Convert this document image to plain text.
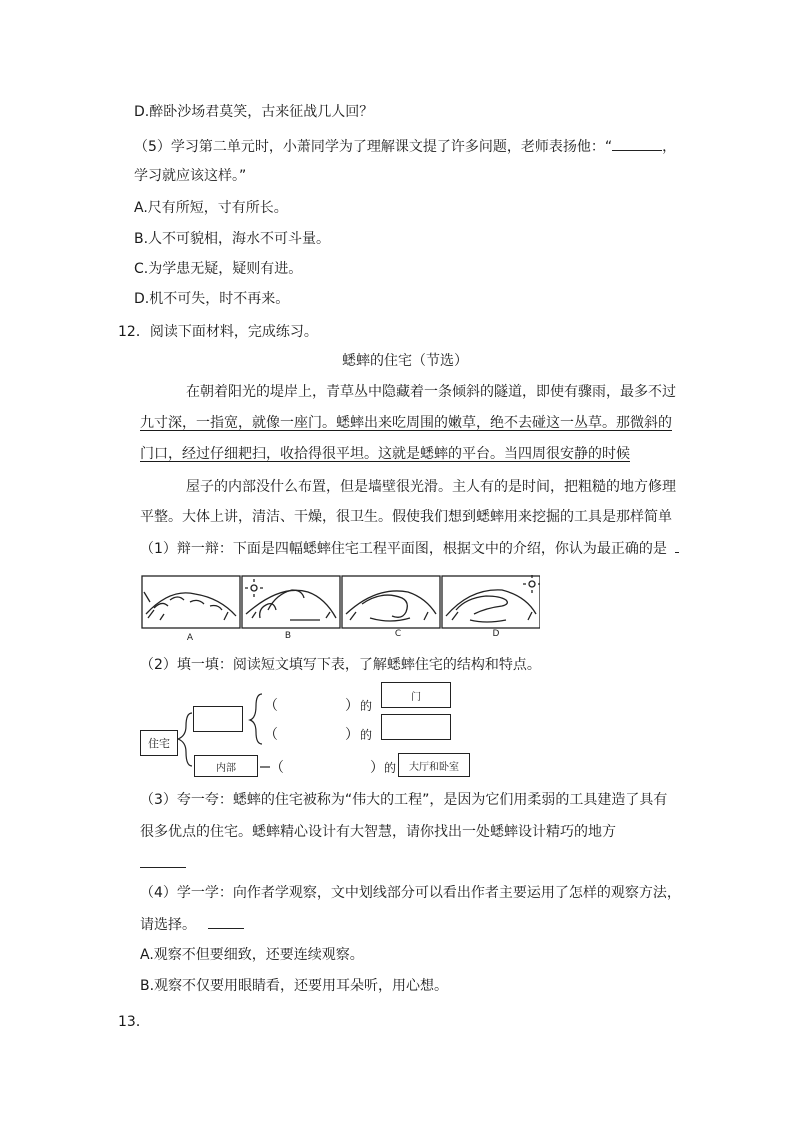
D.醉卧沙场君莫笑，古来征战几人回？
（5）学习第二单元时，小萧同学为了理解课文提了许多问题，老师表扬他：“	，
学习就应该这样。”
A.尺有所短，寸有所长。
B.人不可貌相，海水不可斗量。
C.为学患无疑，疑则有进。
D.机不可失，时不再来。
12．阅读下面材料，完成练习。
蟋蟀的住宅（节选）
在朝着阳光的堤岸上，青草丛中隐藏着一条倾斜的隧道，即使有骤雨，最多不过
九寸深，一指宽，就像一座门。蟋蟀出来吃周围的嫩草，绝不去碰这一丛草。那微斜的
门口，经过仔细耙扫，收拾得很平坦。这就是蟋蟀的平台。当四周很安静的时候
屋子的内部没什么布置，但是墙壁很光滑。主人有的是时间，把粗糙的地方修理
平整。大体上讲，清洁、干燥，很卫生。假使我们想到蟋蟀用来挖掘的工具是那样简单
（1）辩一辩：下面是四幅蟋蟀住宅工程平面图，根据文中的介绍，你认为最正确的是
A	B	C	D
（2）填一填：阅读短文填写下表，了解蟋蟀住宅的结构和特点。
住宅
内部
（	） 的
门
（	） 的
（	） 的	大厅和卧室
（3）夸一夸：蟋蟀的住宅被称为“伟大的工程”，是因为它们用柔弱的工具建造了具有
很多优点的住宅。蟋蟀精心设计有大智慧，请你找出一处蟋蟀设计精巧的地方
（4）学一学：向作者学观察，文中划线部分可以看出作者主要运用了怎样的观察方法，
请选择。
A.观察不但要细致，还要连续观察。
B.观察不仅要用眼睛看，还要用耳朵听，用心想。
13．
